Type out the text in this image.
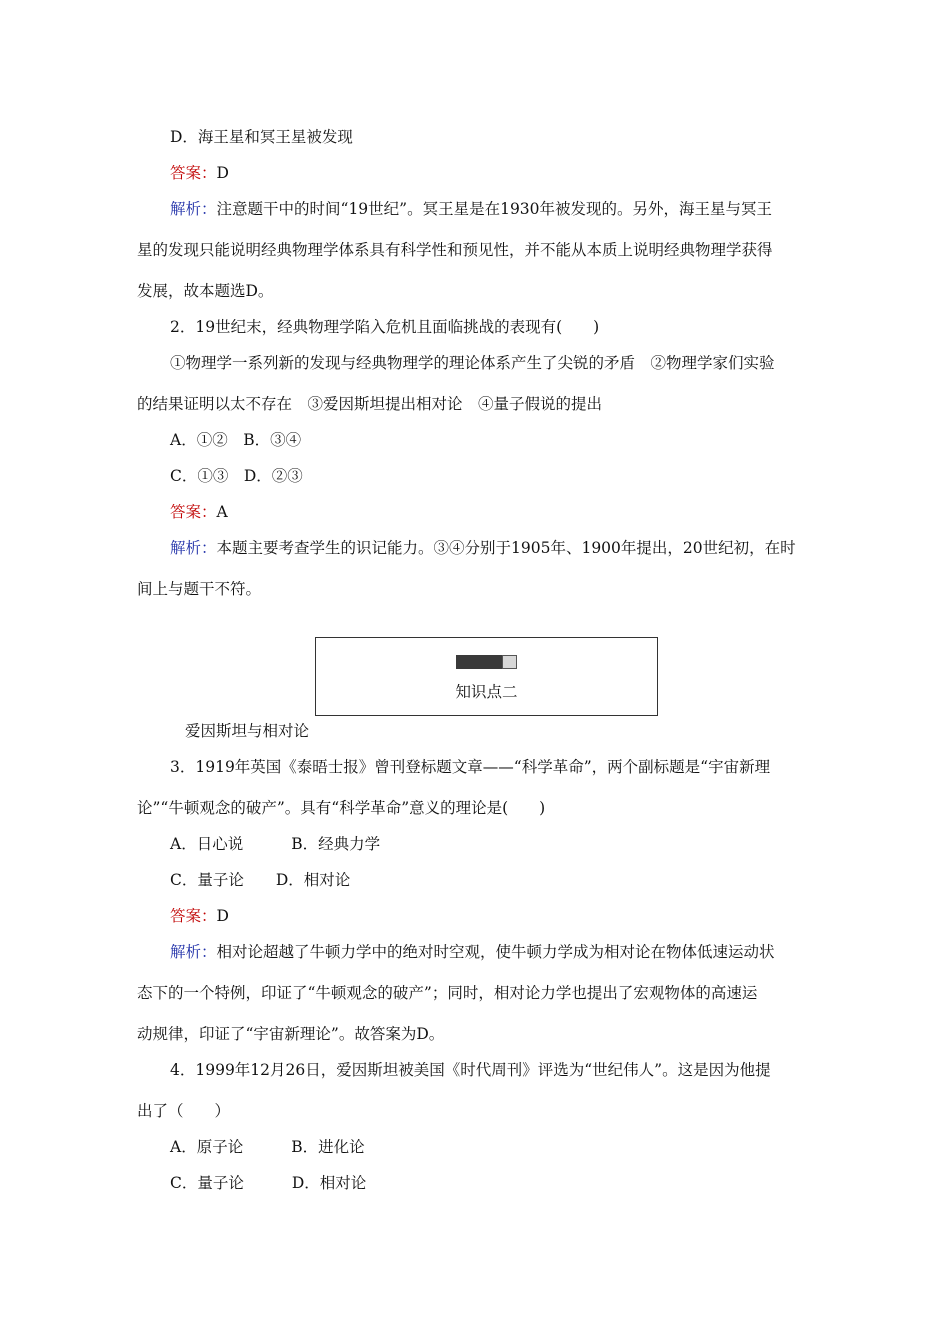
D．海王星和冥王星被发现
答案：D
解析：注意题干中的时间“19世纪”。冥王星是在1930年被发现的。另外，海王星与冥王
星的发现只能说明经典物理学体系具有科学性和预见性，并不能从本质上说明经典物理学获得
发展，故本题选D。
2．19世纪末，经典物理学陷入危机且面临挑战的表现有(　　)
①物理学一系列新的发现与经典物理学的理论体系产生了尖锐的矛盾　②物理学家们实验
的结果证明以太不存在　③爱因斯坦提出相对论　④量子假说的提出
A．①②　B．③④
C．①③　D．②③
答案：A
解析：本题主要考查学生的识记能力。③④分别于1905年、1900年提出，20世纪初，在时
间上与题干不符。
知识点二
爱因斯坦与相对论
3．1919年英国《泰晤士报》曾刊登标题文章——“科学革命”，两个副标题是“宇宙新理
论”“牛顿观念的破产”。具有“科学革命”意义的理论是(　　)
A．日心说	B．经典力学
C．量子论 D．相对论
答案：D
解析：相对论超越了牛顿力学中的绝对时空观，使牛顿力学成为相对论在物体低速运动状
态下的一个特例，印证了“牛顿观念的破产”；同时，相对论力学也提出了宏观物体的高速运
动规律，印证了“宇宙新理论”。故答案为D。
4．1999年12月26日，爱因斯坦被美国《时代周刊》评选为“世纪伟人”。这是因为他提
出了（　　）
A．原子论	B．进化论
C．量子论	D．相对论
